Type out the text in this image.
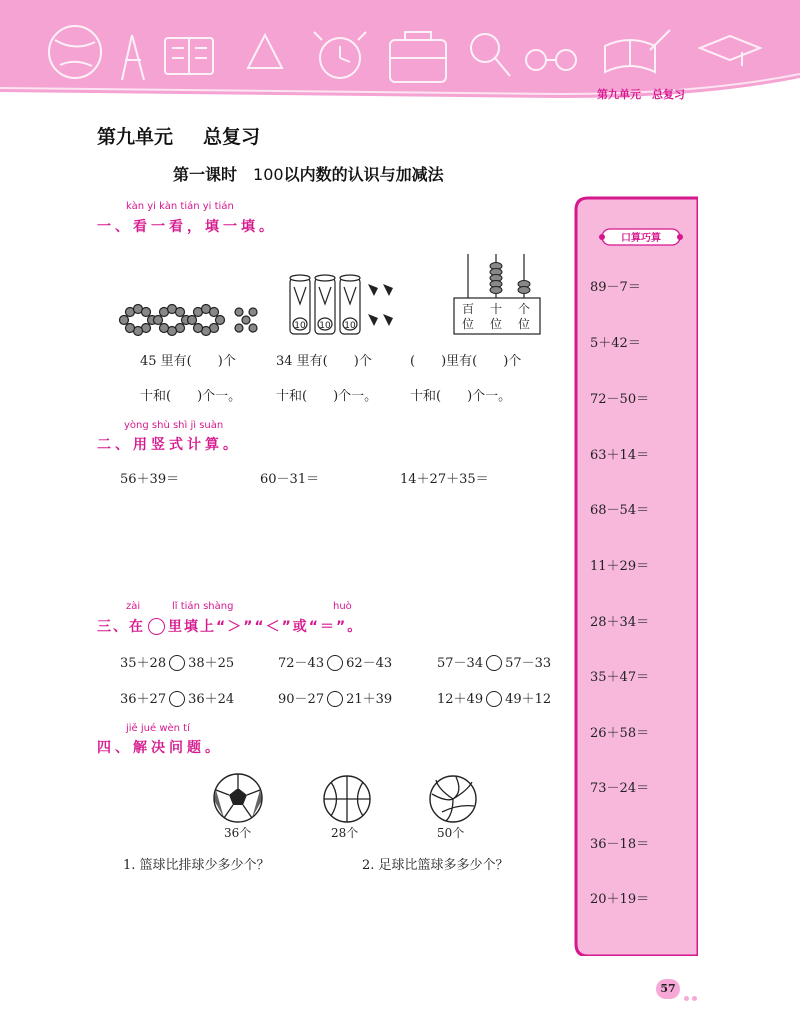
第九单元　总复习
第九单元 总复习
第一课时 100以内数的认识与加减法
kàn yi kàn tián yi tián
一、看一看，填一填。
10 10 10
百位
十位
个位
45 里有(　　)个	34 里有(　　)个	(　　)里有(　　)个
十和(　　)个一。	十和(　　)个一。	十和(　　)个一。
yòng shù shì jì suàn
二、用竖式计算。
56＋39＝	60－31＝	14＋27＋35＝
zài	lǐ tián shàng	huò
三、在 里填上“＞”“＜”或“＝”。
35＋28 38＋25	72－43 62－43	57－34 57－33
36＋27 36＋24	90－27 21＋39	12＋49 49＋12
jiě jué wèn tí
四、解决问题。
36个	28个	50个
1. 篮球比排球少多少个？	2. 足球比篮球多多少个？
口算巧算
89－7＝
5＋42＝
72－50＝
63＋14＝
68－54＝
11＋29＝
28＋34＝
35＋47＝
26＋58＝
73－24＝
36－18＝
20＋19＝
57
